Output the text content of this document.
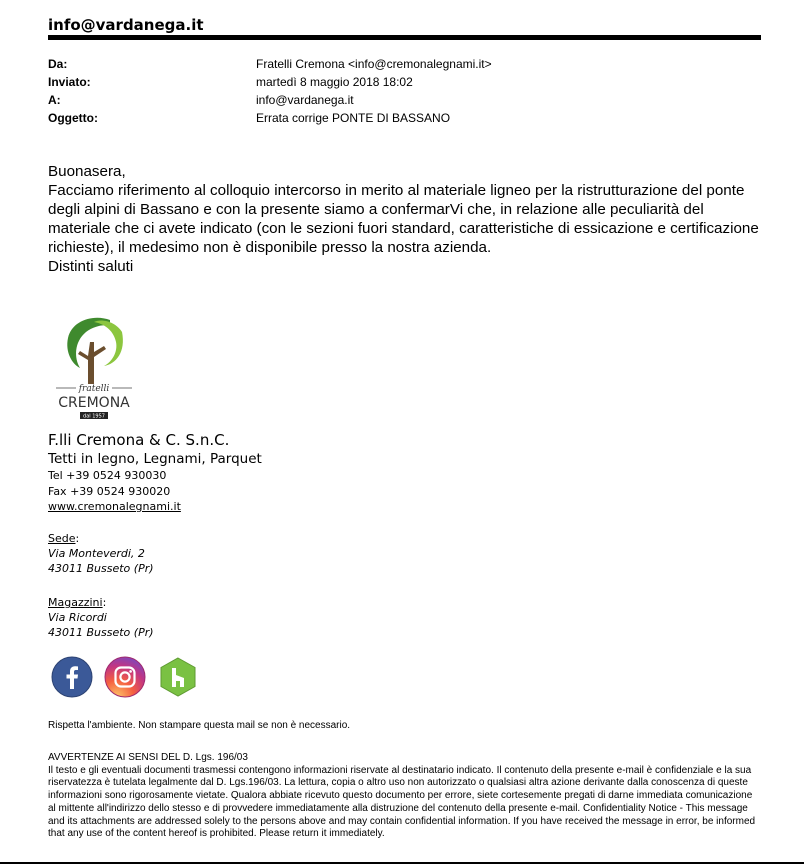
info@vardanega.it
Da:	Fratelli Cremona <info@cremonalegnami.it>
Inviato:	martedì 8 maggio 2018 18:02
A:	info@vardanega.it
Oggetto:	Errata corrige PONTE DI BASSANO

Buonasera,

Facciamo riferimento al colloquio intercorso in merito al materiale ligneo per la ristrutturazione del ponte degli alpini di Bassano e con la presente siamo a confermarVi che, in relazione alle peculiarità del materiale che ci avete indicato (con le sezioni fuori standard, caratteristiche di essicazione e certificazione richieste), il medesimo non è disponibile presso la nostra azienda.

Distinti saluti

fratelli
CREMONA
dal 1957
F.lli Cremona & C. S.n.C.
Tetti in legno, Legnami, Parquet
Tel +39 0524 930030
Fax +39 0524 930020
www.cremonalegnami.it
Sede:
Via Monteverdi, 2
43011 Busseto (Pr)
Magazzini:
Via Ricordi
43011 Busseto (Pr)
Rispetta l'ambiente. Non stampare questa mail se non è necessario.

AVVERTENZE AI SENSI DEL D. Lgs. 196/03

Il testo e gli eventuali documenti trasmessi contengono informazioni riservate al destinatario indicato. Il contenuto della presente e-mail è confidenziale e la sua riservatezza è tutelata legalmente dal D. Lgs.196/03. La lettura, copia o altro uso non autorizzato o qualsiasi altra azione derivante dalla conoscenza di queste informazioni sono rigorosamente vietate. Qualora abbiate ricevuto questo documento per errore, siete cortesemente pregati di darne immediata comunicazione al mittente all'indirizzo dello stesso e di provvedere immediatamente alla distruzione del contenuto della presente e-mail. Confidentiality Notice - This message and its attachments are addressed solely to the persons above and may contain confidential information. If you have received the message in error, be informed that any use of the content hereof is prohibited. Please return it immediately.
